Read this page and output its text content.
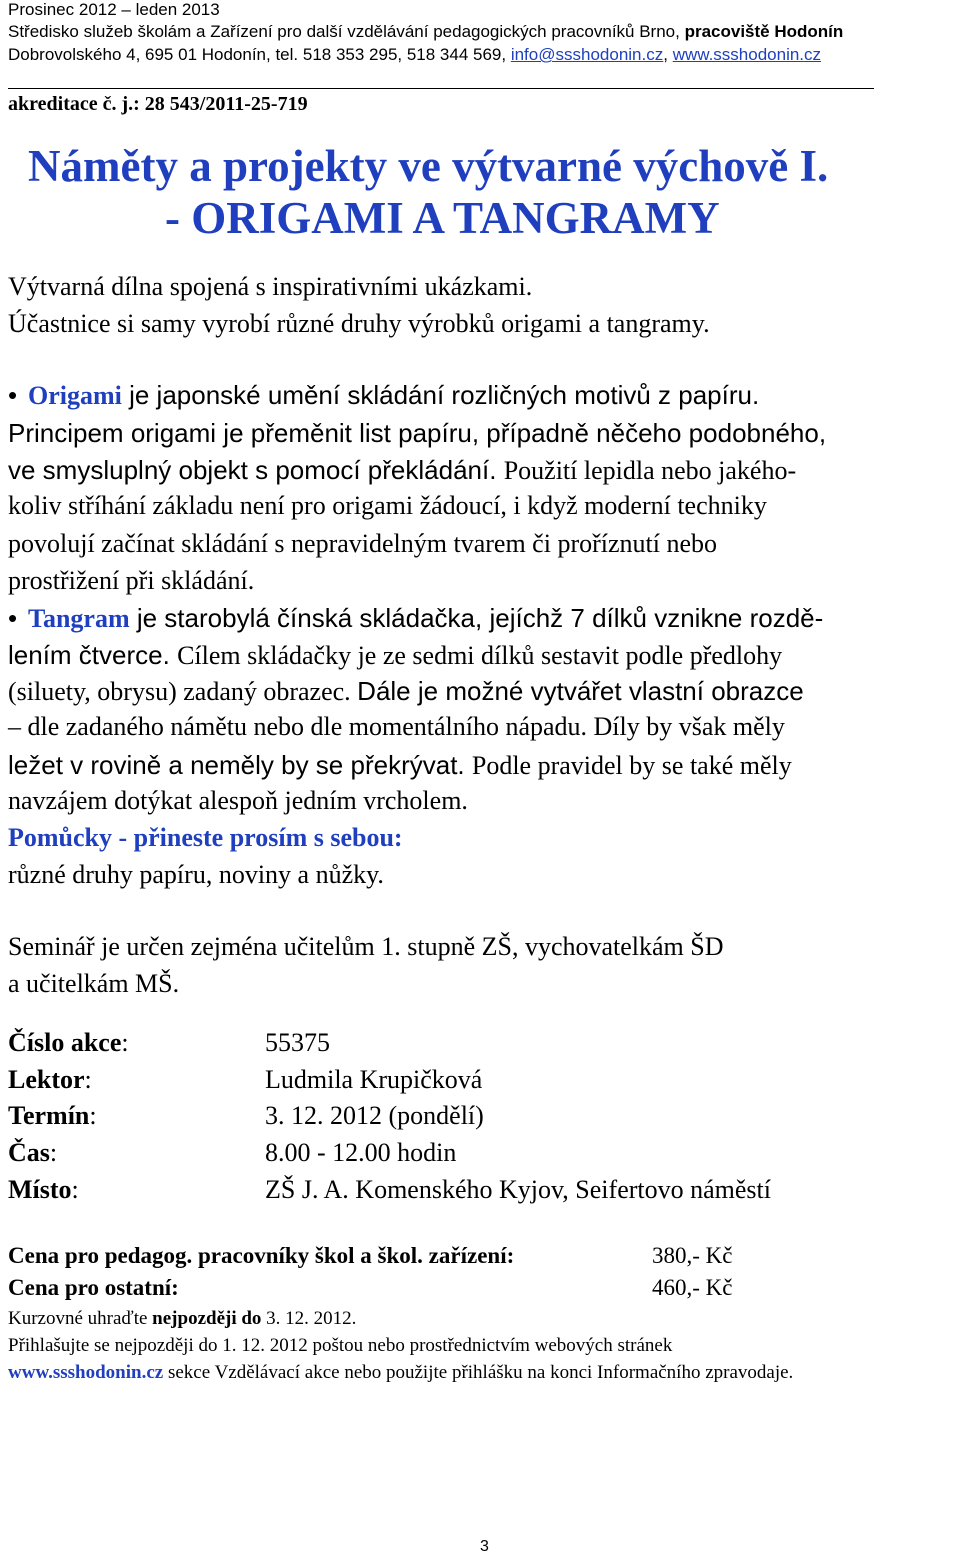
Prosinec 2012 – leden 2013
Středisko služeb školám a Zařízení pro další vzdělávání pedagogických pracovníků Brno, pracoviště Hodonín
Dobrovolského 4, 695 01 Hodonín, tel. 518 353 295, 518 344 569, info@ssshodonin.cz, www.ssshodonin.cz
akreditace č. j.: 28 543/2011-25-719
Náměty a projekty ve výtvarné výchově I.
- ORIGAMI A TANGRAMY
Výtvarná dílna spojená s inspirativními ukázkami.
Účastnice si samy vyrobí různé druhy výrobků origami a tangramy.
• Origami je japonské umění skládání rozličných motivů z papíru.
Principem origami je přeměnit list papíru, případně něčeho podobného,
ve smysluplný objekt s pomocí překládání. Použití lepidla nebo jakého-
koliv stříhání základu není pro origami žádoucí, i když moderní techniky
povolují začínat skládání s nepravidelným tvarem či proříznutí nebo
prostřižení při skládání.
• Tangram je starobylá čínská skládačka, jejíchž 7 dílků vznikne rozdě-
lením čtverce. Cílem skládačky je ze sedmi dílků sestavit podle předlohy
(siluety, obrysu) zadaný obrazec. Dále je možné vytvářet vlastní obrazce
– dle zadaného námětu nebo dle momentálního nápadu. Díly by však měly
ležet v rovině a neměly by se překrývat. Podle pravidel by se také měly
navzájem dotýkat alespoň jedním vrcholem.
Pomůcky - přineste prosím s sebou:
různé druhy papíru, noviny a nůžky.
Seminář je určen zejména učitelům 1. stupně ZŠ, vychovatelkám ŠD
a učitelkám MŠ.
Číslo akce:	55375
Lektor:	Ludmila Krupičková
Termín:	3. 12. 2012 (pondělí)
Čas:	8.00 - 12.00 hodin
Místo:	ZŠ J. A. Komenského Kyjov, Seifertovo náměstí
Cena pro pedagog. pracovníky škol a škol. zařízení:	380,- Kč
Cena pro ostatní:	460,- Kč
Kurzovné uhraďte nejpozději do 3. 12. 2012.
Přihlašujte se nejpozději do 1. 12. 2012 poštou nebo prostřednictvím webových stránek
www.ssshodonin.cz sekce Vzdělávací akce nebo použijte přihlášku na konci Informačního zpravodaje.
3
